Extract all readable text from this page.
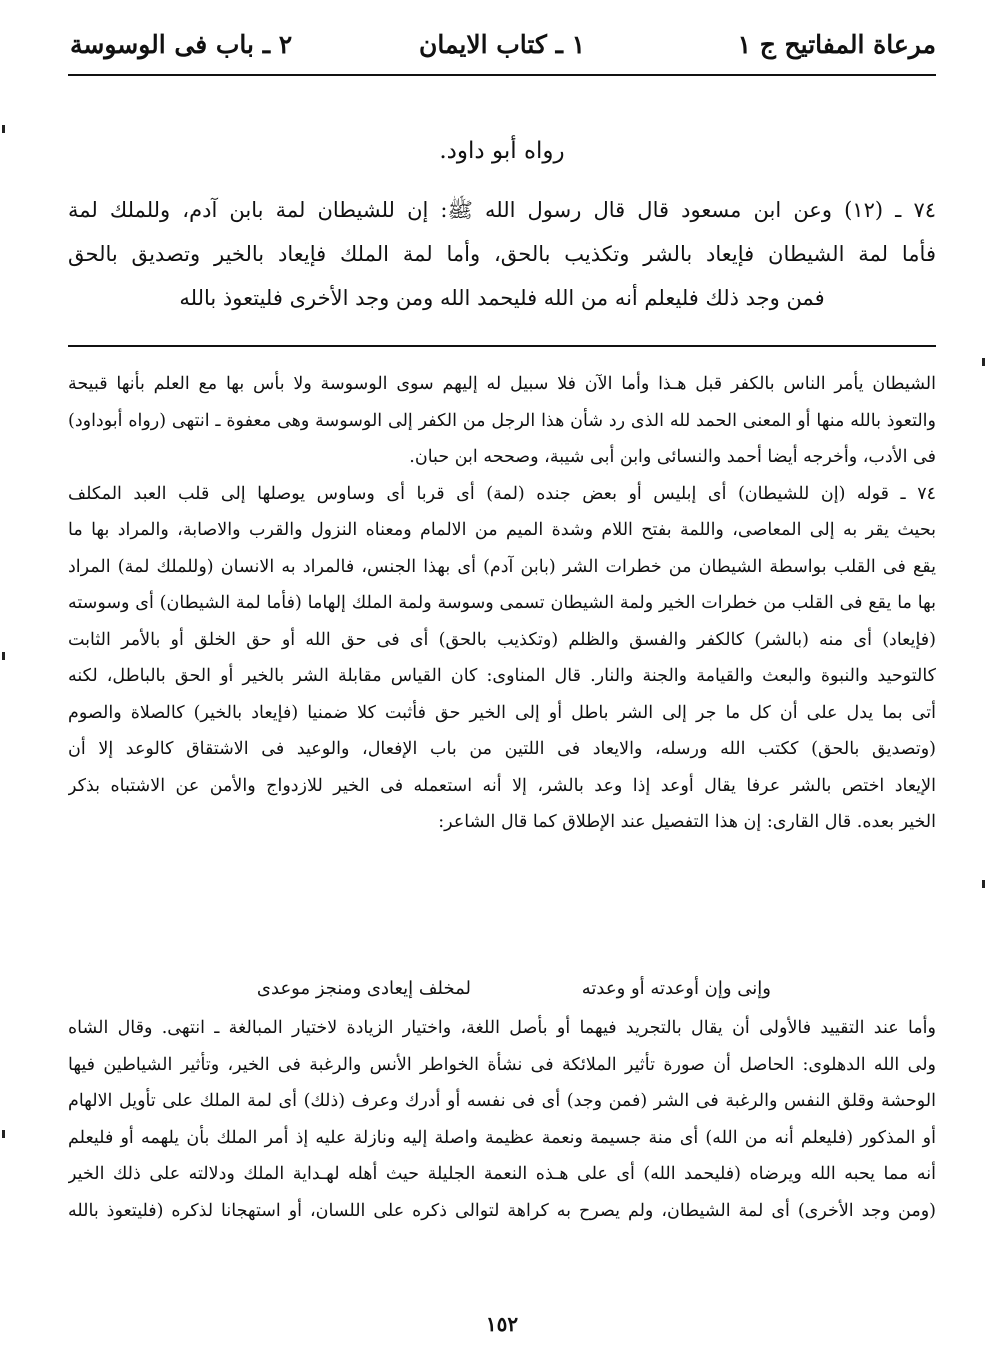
مرعاة المفاتيح ج ١
١ ـ كتاب الايمان
٢ ـ باب فى الوسوسة
رواه أبو داود.
٧٤ ـ (١٢) وعن ابن مسعود قال قال رسول الله ﷺ: إن للشيطان لمة بابن آدم، وللملك لمة
فأما لمة الشيطان فإيعاد بالشر وتكذيب بالحق، وأما لمة الملك فإيعاد بالخير وتصديق بالحق
فمن وجد ذلك فليعلم أنه من الله فليحمد الله ومن وجد الأخرى فليتعوذ بالله
الشيطان يأمر الناس بالكفر قبل هـذا وأما الآن فلا سبيل له إليهم سوى الوسوسة ولا بأس بها مع العلم بأنها قبيحة
والتعوذ بالله منها أو المعنى الحمد لله الذى رد شأن هذا الرجل من الكفر إلى الوسوسة وهى معفوة ـ انتهى (رواه أبوداود)
فى الأدب، وأخرجه أيضا أحمد والنسائى وابن أبى شيبة، وصححه ابن حبان.
٧٤ ـ قوله (إن للشيطان) أى إبليس أو بعض جنده (لمة) أى قربا أى وساوس يوصلها إلى قلب العبد المكلف
بحيث يقر به إلى المعاصى، واللمة بفتح اللام وشدة الميم من الالمام ومعناه النزول والقرب والاصابة، والمراد بها ما
يقع فى القلب بواسطة الشيطان من خطرات الشر (بابن آدم) أى بهذا الجنس، فالمراد به الانسان (وللملك لمة) المراد
بها ما يقع فى القلب من خطرات الخير ولمة الشيطان تسمى وسوسة ولمة الملك إلهاما (فأما لمة الشيطان) أى وسوسته
(فإيعاد) أى منه (بالشر) كالكفر والفسق والظلم (وتكذيب بالحق) أى فى حق الله أو حق الخلق أو بالأمر الثابت
كالتوحيد والنبوة والبعث والقيامة والجنة والنار. قال المناوى: كان القياس مقابلة الشر بالخير أو الحق بالباطل، لكنه
أتى بما يدل على أن كل ما جر إلى الشر باطل أو إلى الخير حق فأثبت كلا ضمنيا (فإيعاد بالخير) كالصلاة والصوم
(وتصديق بالحق) ككتب الله ورسله، والايعاد فى اللتين من باب الإفعال، والوعيد فى الاشتقاق كالوعد إلا أن
الإيعاد اختص بالشر عرفا يقال أوعد إذا وعد بالشر، إلا أنه استعمله فى الخير للازدواج والأمن عن الاشتباه بذكر
الخير بعده. قال القارى: إن هذا التفصيل عند الإطلاق كما قال الشاعر:
وإنى وإن أوعدته أو وعدته
لمخلف إيعادى ومنجز موعدى
وأما عند التقييد فالأولى أن يقال بالتجريد فيهما أو بأصل اللغة، واختيار الزيادة لاختيار المبالغة ـ انتهى. وقال الشاه
ولى الله الدهلوى: الحاصل أن صورة تأثير الملائكة فى نشأة الخواطر الأنس والرغبة فى الخير، وتأثير الشياطين فيها
الوحشة وقلق النفس والرغبة فى الشر (فمن وجد) أى فى نفسه أو أدرك وعرف (ذلك) أى لمة الملك على تأويل الالهام
أو المذكور (فليعلم أنه من الله) أى منة جسيمة ونعمة عظيمة واصلة إليه ونازلة عليه إذ أمر الملك بأن يلهمه أو فليعلم
أنه مما يحبه الله ويرضاه (فليحمد الله) أى على هـذه النعمة الجليلة حيث أهله لهـداية الملك ودلالته على ذلك الخير
(ومن وجد الأخرى) أى لمة الشيطان، ولم يصرح به كراهة لتوالى ذكره على اللسان، أو استهجانا لذكره (فليتعوذ بالله
١٥٢
